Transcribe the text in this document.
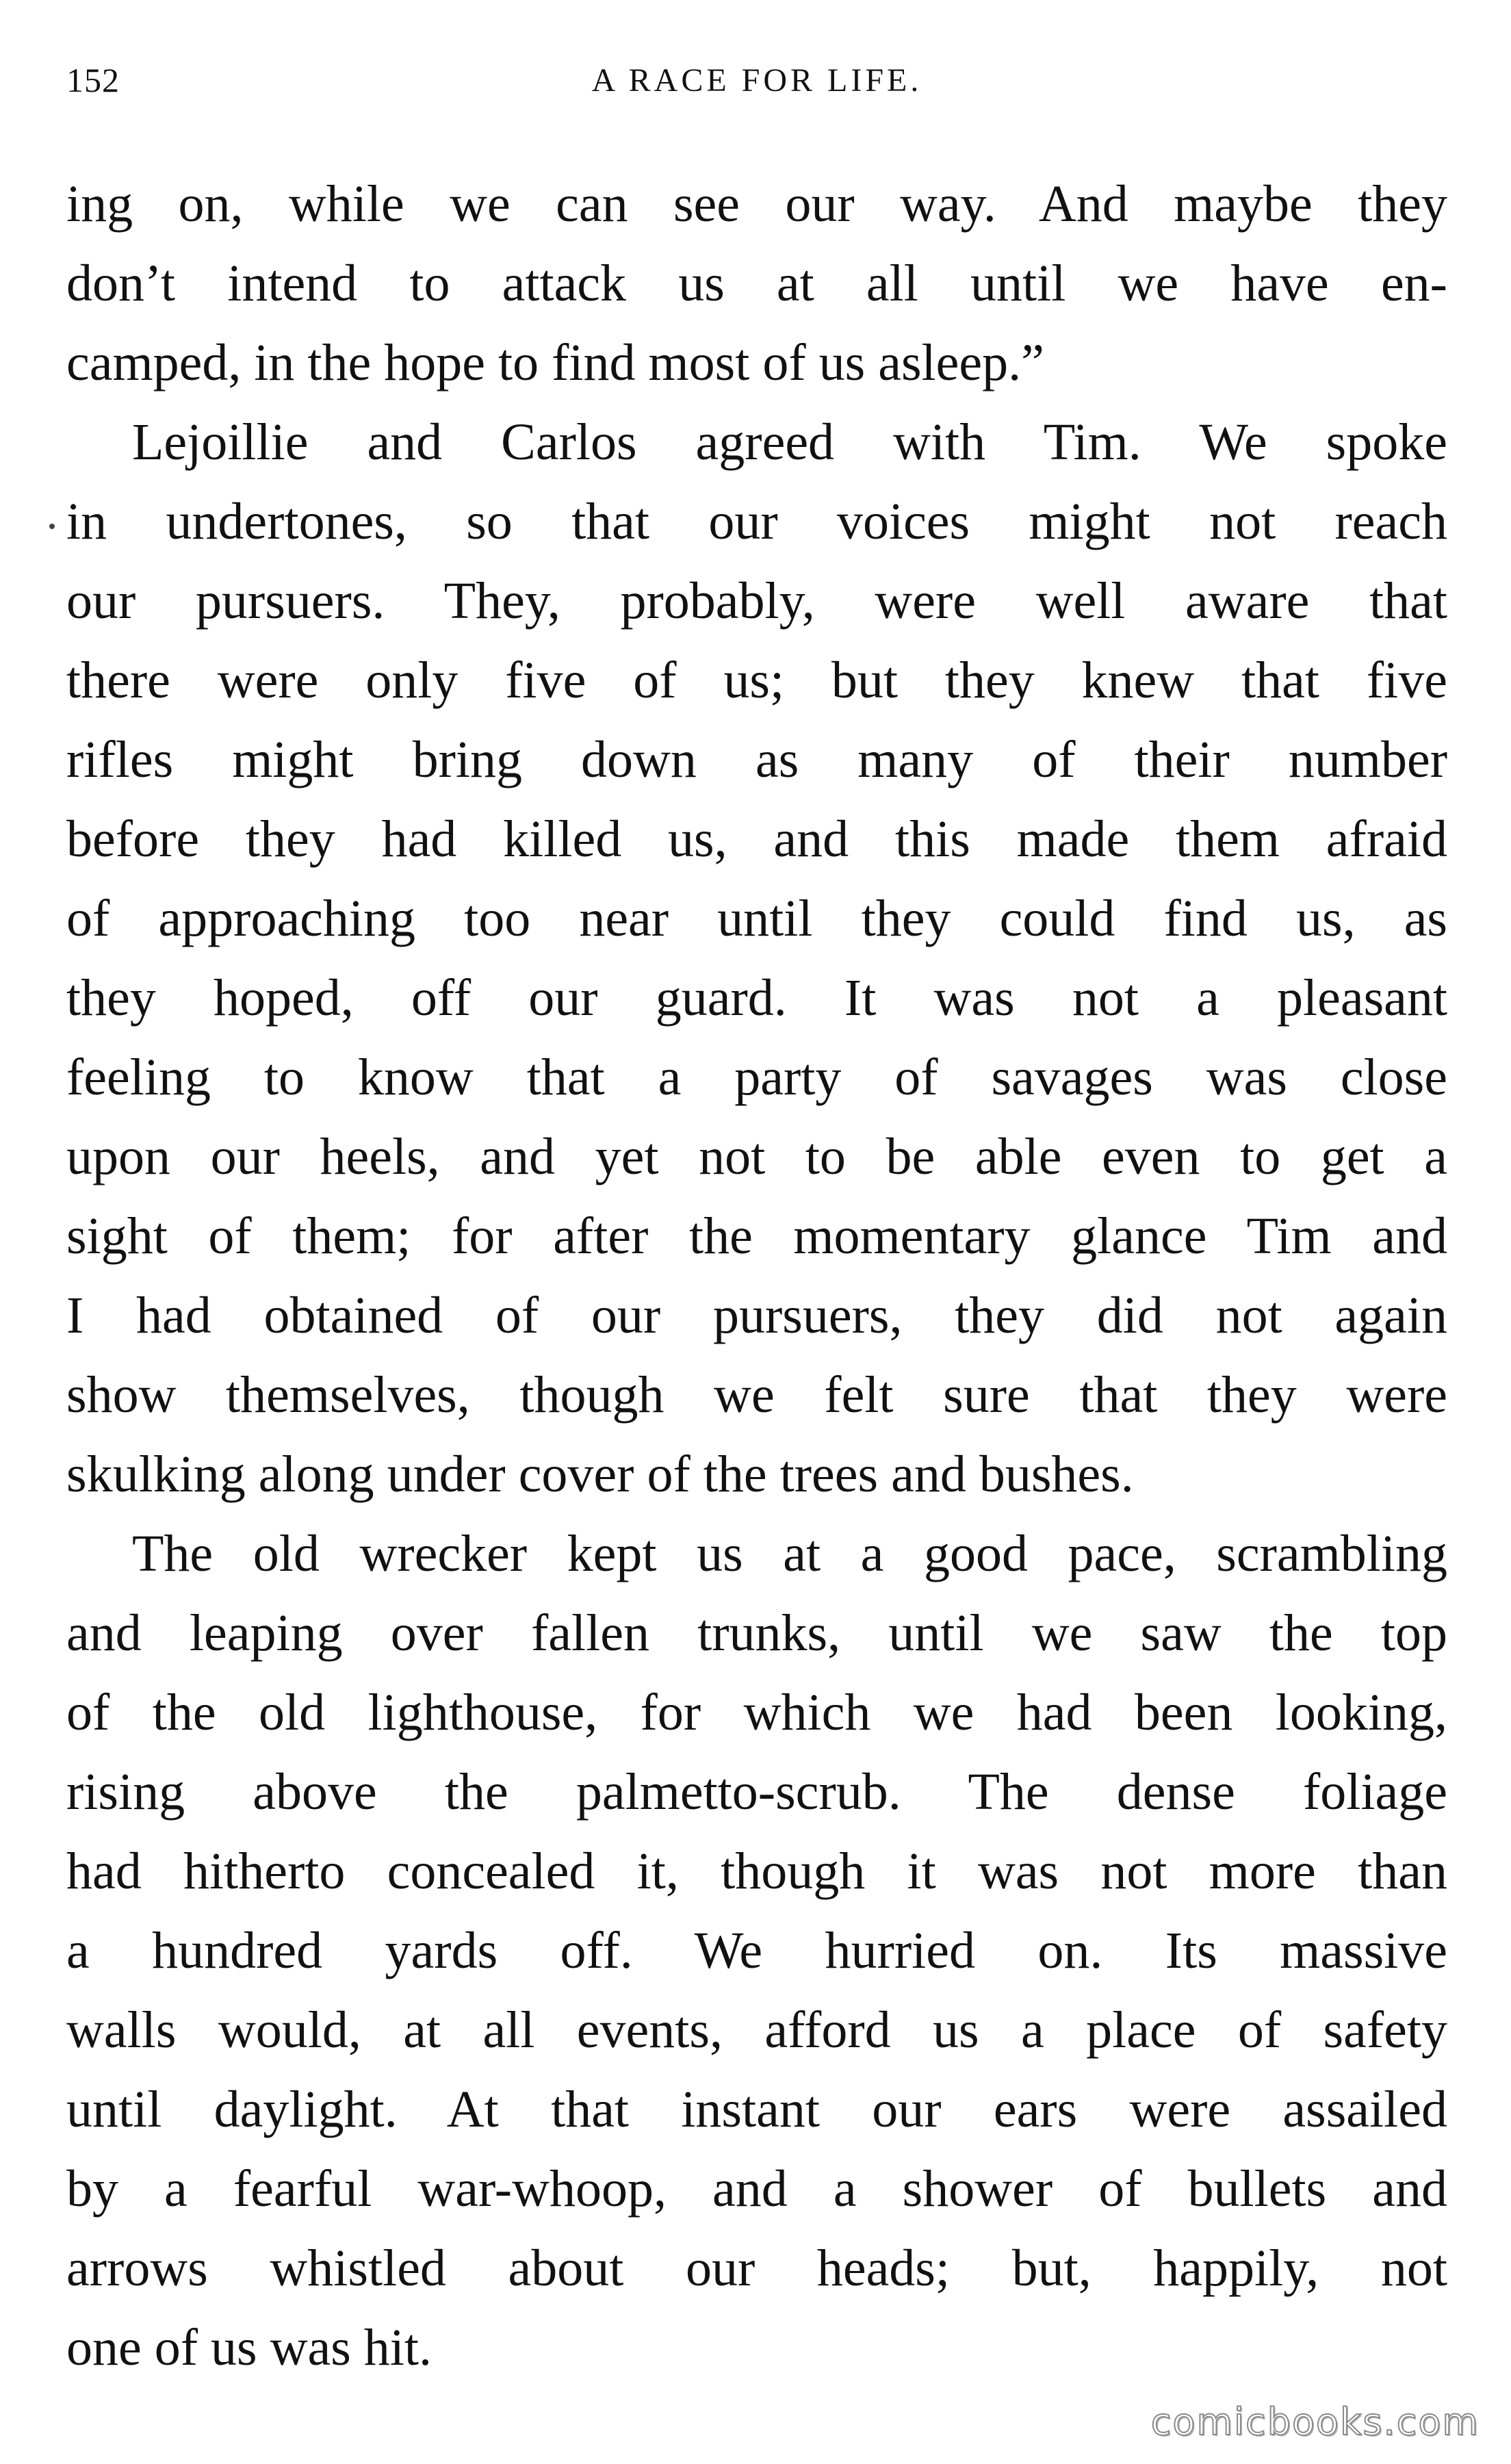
152	A RACE FOR LIFE.
ing on, while we can see our way. And maybe they
don’t intend to attack us at all until we have en-
camped, in the hope to find most of us asleep.”
Lejoillie and Carlos agreed with Tim. We spoke
in undertones, so that our voices might not reach
our pursuers. They, probably, were well aware that
there were only five of us; but they knew that five
rifles might bring down as many of their number
before they had killed us, and this made them afraid
of approaching too near until they could find us, as
they hoped, off our guard. It was not a pleasant
feeling to know that a party of savages was close
upon our heels, and yet not to be able even to get a
sight of them; for after the momentary glance Tim and
I had obtained of our pursuers, they did not again
show themselves, though we felt sure that they were
skulking along under cover of the trees and bushes.
The old wrecker kept us at a good pace, scrambling
and leaping over fallen trunks, until we saw the top
of the old lighthouse, for which we had been looking,
rising above the palmetto-scrub. The dense foliage
had hitherto concealed it, though it was not more than
a hundred yards off. We hurried on. Its massive
walls would, at all events, afford us a place of safety
until daylight. At that instant our ears were assailed
by a fearful war-whoop, and a shower of bullets and
arrows whistled about our heads; but, happily, not
one of us was hit.
comicbooks.com
